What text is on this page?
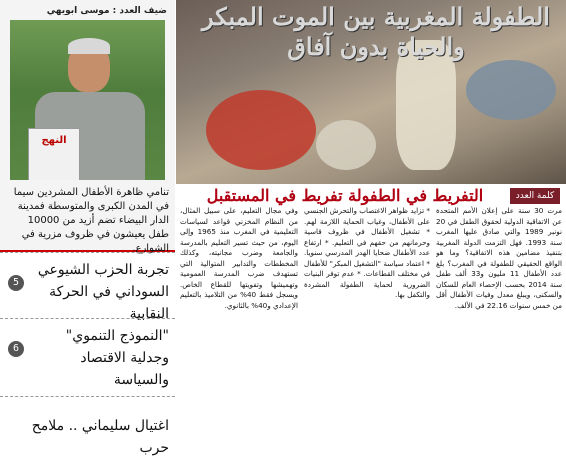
الطفولة المغربية بين الموت المبكر والحياة بدون آفاق
ضيف العدد : موسى ابويهي
النهج
تنامي ظاهرة الأطفال المشردين سيما في المدن الكبرى والمتوسطة فمدينة الدار البيضاء تضم أزيد من 10000 طفل يعيشون في ظروف مزرية في الشوارع.
5
تجربة الحزب الشيوعي السوداني في الحركة النقابية
6
"النموذج التنموي" وجدلية الاقتصاد والسياسة
اغتيال سليماني .. ملامح حرب
كلمة العدد
التفريط في الطفولة تفريط في المستقبل
مرت 30 سنة على إعلان الأمم المتحدة عن الاتفاقية الدولية لحقوق الطفل في 20 نونبر 1989 والتي صادق عليها المغرب سنة 1993. فهل التزمت الدولة المغربية بتنفيذ مضامين هذه الاتفاقية؟ وما هو الواقع الحقيقي للطفولة في المغرب؟ بلغ عدد الأطفال 11 مليون و33 ألف طفل سنة 2014 بحسب الإحصاء العام للسكان والسكنى، ويبلغ معدل وفيات الأطفال أقل من خمس سنوات 22.16 في الألف.
* تزايد ظواهر الاغتصاب والتحرش الجنسي على الأطفال، وغياب الحماية اللازمة لهم. * تشغيل الأطفال في ظروف قاسية وحرمانهم من حقهم في التعليم. * ارتفاع عدد الأطفال ضحايا الهدر المدرسي سنويا. * اعتماد سياسة "التشغيل المبكر" للأطفال في مختلف القطاعات. * عدم توفر البنيات الضرورية لحماية الطفولة المشردة والتكفل بها.
وفي مجال التعليم، على سبيل المثال، من النظام المخزني قواعد لسياسات التعليمية في المغرب منذ 1965 وإلى اليوم، من حيث تسير التعليم بالمدرسة والجامعة وضرب مجانيته، وكذلك المخططات والتدابير المتوالية التي تستهدف ضرب المدرسة العمومية وتهميشها وتفويتها للقطاع الخاص. ويسجل فقط 40% من التلاميذ بالتعليم الإعدادي و40% بالثانوي.
